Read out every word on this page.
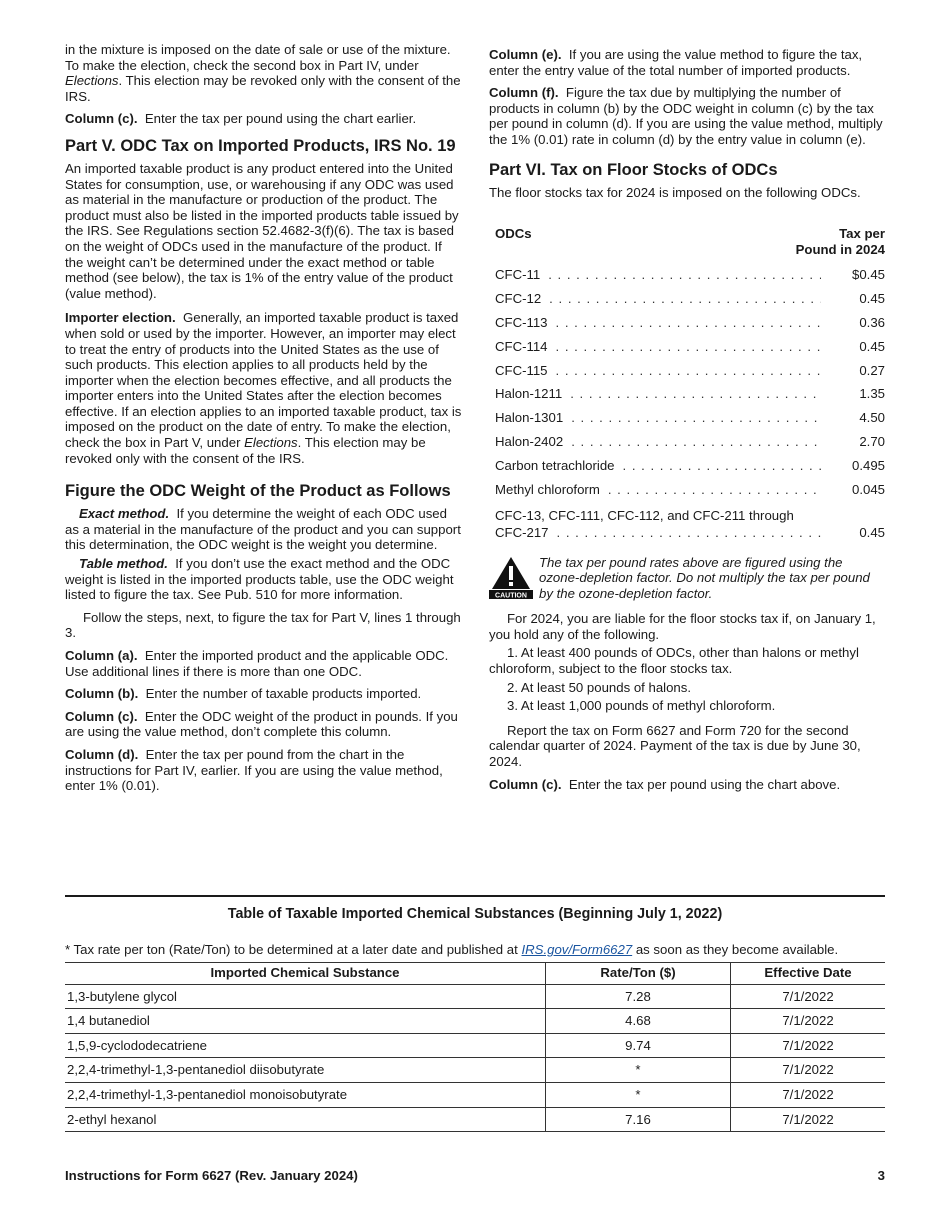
in the mixture is imposed on the date of sale or use of the mixture. To make the election, check the second box in Part IV, under Elections. This election may be revoked only with the consent of the IRS.

Column (c). Enter the tax per pound using the chart earlier.

Part V. ODC Tax on Imported Products, IRS No. 19

An imported taxable product is any product entered into the United States for consumption, use, or warehousing if any ODC was used as material in the manufacture or production of the product. The product must also be listed in the imported products table issued by the IRS. See Regulations section 52.4682-3(f)(6). The tax is based on the weight of ODCs used in the manufacture of the product. If the weight can’t be determined under the exact method or table method (see below), the tax is 1% of the entry value of the product (value method).

Importer election. Generally, an imported taxable product is taxed when sold or used by the importer. However, an importer may elect to treat the entry of products into the United States as the use of such products. This election applies to all products held by the importer when the election becomes effective, and all products the importer enters into the United States after the election becomes effective. If an election applies to an imported taxable product, tax is imposed on the product on the date of entry. To make the election, check the box in Part V, under Elections. This election may be revoked only with the consent of the IRS.

Figure the ODC Weight of the Product as Follows

Exact method. If you determine the weight of each ODC used as a material in the manufacture of the product and you can support this determination, the ODC weight is the weight you determine.

Table method. If you don’t use the exact method and the ODC weight is listed in the imported products table, use the ODC weight listed to figure the tax. See Pub. 510 for more information.

Follow the steps, next, to figure the tax for Part V, lines 1 through 3.

Column (a). Enter the imported product and the applicable ODC. Use additional lines if there is more than one ODC.

Column (b). Enter the number of taxable products imported.

Column (c). Enter the ODC weight of the product in pounds. If you are using the value method, don’t complete this column.

Column (d). Enter the tax per pound from the chart in the instructions for Part IV, earlier. If you are using the value method, enter 1% (0.01).

Column (e). If you are using the value method to figure the tax, enter the entry value of the total number of imported products.

Column (f). Figure the tax due by multiplying the number of products in column (b) by the ODC weight in column (c) by the tax per pound in column (d). If you are using the value method, multiply the 1% (0.01) rate in column (d) by the entry value in column (e).

Part VI. Tax on Floor Stocks of ODCs

The floor stocks tax for 2024 is imposed on the following ODCs.

ODCs	Tax per
Pound in 2024
CFC-11 . . .	$0.45
CFC-12 . . .	0.45
CFC-113 . . .	0.36
CFC-114 . . .	0.45
CFC-115 . . .	0.27
Halon-1211 . . .	1.35
Halon-1301 . . .	4.50
Halon-2402 . . .	2.70
Carbon tetrachloride . . .	0.495
Methyl chloroform . . .	0.045
CFC-13, CFC-111, CFC-112, and CFC-211 through
CFC-217 . . .	0.45
CAUTION
The tax per pound rates above are figured using the ozone-depletion factor. Do not multiply the tax per pound by the ozone-depletion factor.

For 2024, you are liable for the floor stocks tax if, on January 1, you hold any of the following.

1. At least 400 pounds of ODCs, other than halons or methyl chloroform, subject to the floor stocks tax.

2. At least 50 pounds of halons.

3. At least 1,000 pounds of methyl chloroform.

Report the tax on Form 6627 and Form 720 for the second calendar quarter of 2024. Payment of the tax is due by June 30, 2024.

Column (c). Enter the tax per pound using the chart above.

Table of Taxable Imported Chemical Substances (Beginning July 1, 2022)
* Tax rate per ton (Rate/Ton) to be determined at a later date and published at IRS.gov/Form6627 as soon as they become available.
Imported Chemical Substance	Rate/Ton ($)	Effective Date
1,3-butylene glycol	7.28	7/1/2022
1,4 butanediol	4.68	7/1/2022
1,5,9-cyclododecatriene	9.74	7/1/2022
2,2,4-trimethyl-1,3-pentanediol diisobutyrate	*	7/1/2022
2,2,4-trimethyl-1,3-pentanediol monoisobutyrate	*	7/1/2022
2-ethyl hexanol	7.16	7/1/2022
Instructions for Form 6627 (Rev. January 2024)	3
